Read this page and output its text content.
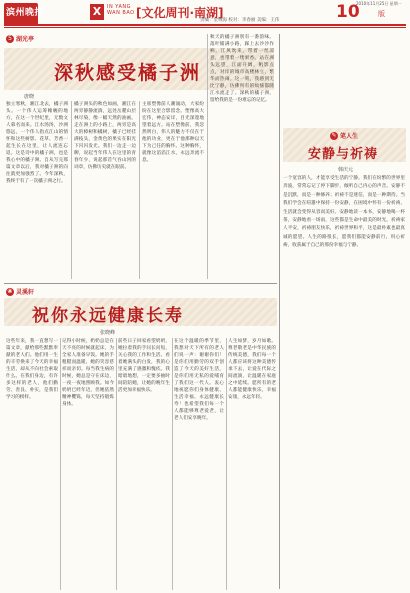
滨州晚报	X	IN YANG
WAN BAO [文化周刊·南湖]
2010年11月25日 星期一
10	版
责编：金钱海 校对：李春丽 美编：王伟
5 湖光亭
深秋感受橘子洲
唐晓
独立寒秋，湘江北去，橘子洲头。一个伟人运筹帷幄的地方，在这一个世纪里，无数文人慕名而来。江水汤汤，沙洲悠远，一个伟人指点江山的情怀和这些树影、花草、芳香一起生长在这里，让人流连忘返。这是诗中的橘子洲，也是我心中的橘子洲。自从写完那篇文章以后，我对橘子洲的向往就更加强烈了。今年深秋，我终于有了一次橘子洲之行。
橘子洲头的秋色如画，湘江在两旁静静流淌，远处岳麓山层林尽染，像一幅天然的油画。走在洲上的小路上，两旁是高大的樟树和橘树，橘子已经挂满枝头，金黄色的果实在阳光下闪闪发光。我们一边走一边聊，说起当年伟人在这里的青春年少，说起那首气吞山河的词章，仿佛历史就在眼前。
主席塑像前人潮涌动，大家纷纷在这里合影留念。塑像高大宏伟，神态安详，目光深邃地望着远方。站在塑像前，我忽然明白，伟人的魅力不仅在于他的功业，更在于他那种以天下为己任的胸怀。这种胸怀，就像这滔滔江水，永远奔流不息。
秋天的橘子洲别有一番韵味。落叶铺满小路，踩上去沙沙作响。江风吹来，带着一丝凉意，也带着一缕果香。站在洲头远望，江面开阔，帆影点点，对岸的城市高楼林立，繁华而热闹。这一刻，我感到无比宁静，仿佛所有的烦恼都随江水流走了。深秋的橘子洲，留给我的是一份难忘的记忆。
✎ 笔人生
安静与祈祷
韩庆元
一个宽容的人，才能享受生活的宁静。我们在纷繁的世界里奔波，常常忘记了停下脚步，倾听自己内心的声音。安静不是沉默，而是一种修养；祈祷不是迷信，而是一种期待。当我们学会在喧嚣中保持一份安静，在困境中怀有一份祈祷，生活就会变得从容而美好。安静地读一本书，安静地喝一杯茶，安静地看一场雨，这些都是生命中最美的时光。祈祷家人平安，祈祷朋友快乐，祈祷世界和平，这是最朴素也最真诚的愿望。人生的路很长，愿我们都能安静前行，用心祈祷，收获属于自己的那份幸福与宁静。
❀ 灵溪轩
祝你永远健康长寿
张晓峰
这些年来，我一直想写一篇文章，献给那些默默奉献的老人们。他们用一生的辛劳换来了今天的幸福生活，却从不向社会索取什么。在我们身边，有许多这样的老人，他们勤劳、善良、朴实，是我们学习的榜样。
记得小时候，奶奶总是在天不亮的时候就起床，为全家人准备早饭。她的手粗糙而温暖，她的笑容慈祥而亲切。每当我生病的时候，她总是守在床边，一夜一夜地照顾我。如今奶奶已经年迈，但她依然精神矍铄，每天坚持锻炼身体。
前些日子回家看望奶奶，她拉着我的手问长问短，关心我的工作和生活。看着她满头的白发，我的心里充满了感激和愧疚。我暗暗地想，一定要多抽时间陪陪她，让她的晚年生活更加幸福快乐。
在这个温暖的季节里，我想对天下所有的老人们说一声：谢谢你们！是你们用勤劳的双手创造了今天的美好生活，是你们用无私的爱哺育了我们这一代人。衷心地祝愿你们身体健康、生活幸福、永远健康长寿！也希望我们每一个人都能够尊老爱老，让老人们安享晚年。
人生如梦，岁月如歌。尊老敬老是中华民族的传统美德，我们每一个人都应该将这种美德传承下去，让爱在代际之间流淌，让温暖在家庭之中延续。愿所有的老人都能健康快乐，幸福安康，永远年轻。
